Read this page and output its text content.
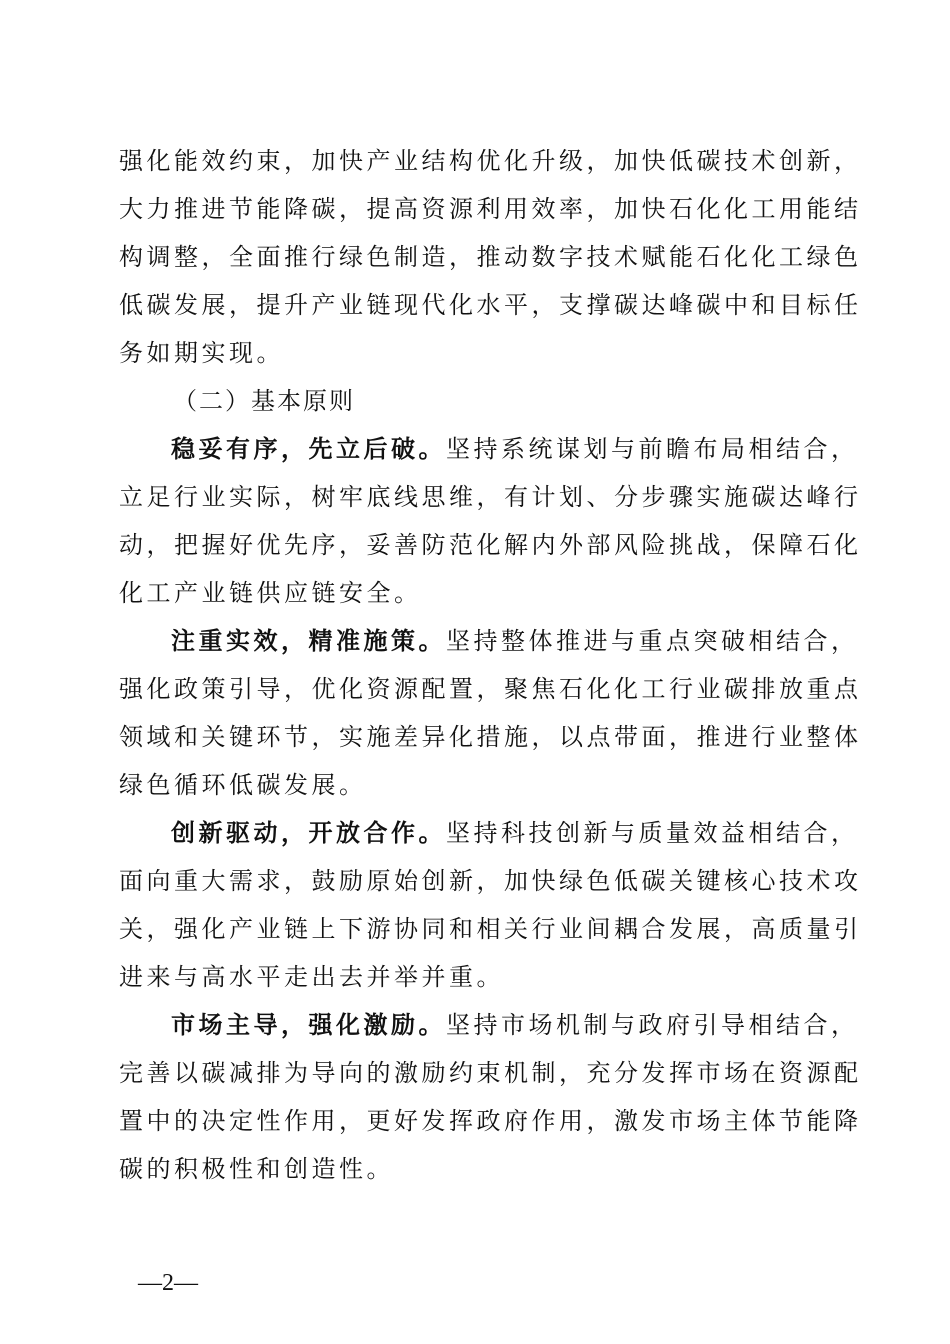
强化能效约束，加快产业结构优化升级，加快低碳技术创新，
大力推进节能降碳，提高资源利用效率，加快石化化工用能结
构调整，全面推行绿色制造，推动数字技术赋能石化化工绿色
低碳发展，提升产业链现代化水平，支撑碳达峰碳中和目标任
务如期实现。
（二）基本原则
稳妥有序，先立后破。坚持系统谋划与前瞻布局相结合，
立足行业实际，树牢底线思维，有计划、分步骤实施碳达峰行
动，把握好优先序，妥善防范化解内外部风险挑战，保障石化
化工产业链供应链安全。
注重实效，精准施策。坚持整体推进与重点突破相结合，
强化政策引导，优化资源配置，聚焦石化化工行业碳排放重点
领域和关键环节，实施差异化措施，以点带面，推进行业整体
绿色循环低碳发展。
创新驱动，开放合作。坚持科技创新与质量效益相结合，
面向重大需求，鼓励原始创新，加快绿色低碳关键核心技术攻
关，强化产业链上下游协同和相关行业间耦合发展，高质量引
进来与高水平走出去并举并重。
市场主导，强化激励。坚持市场机制与政府引导相结合，
完善以碳减排为导向的激励约束机制，充分发挥市场在资源配
置中的决定性作用，更好发挥政府作用，激发市场主体节能降
碳的积极性和创造性。
—2—
